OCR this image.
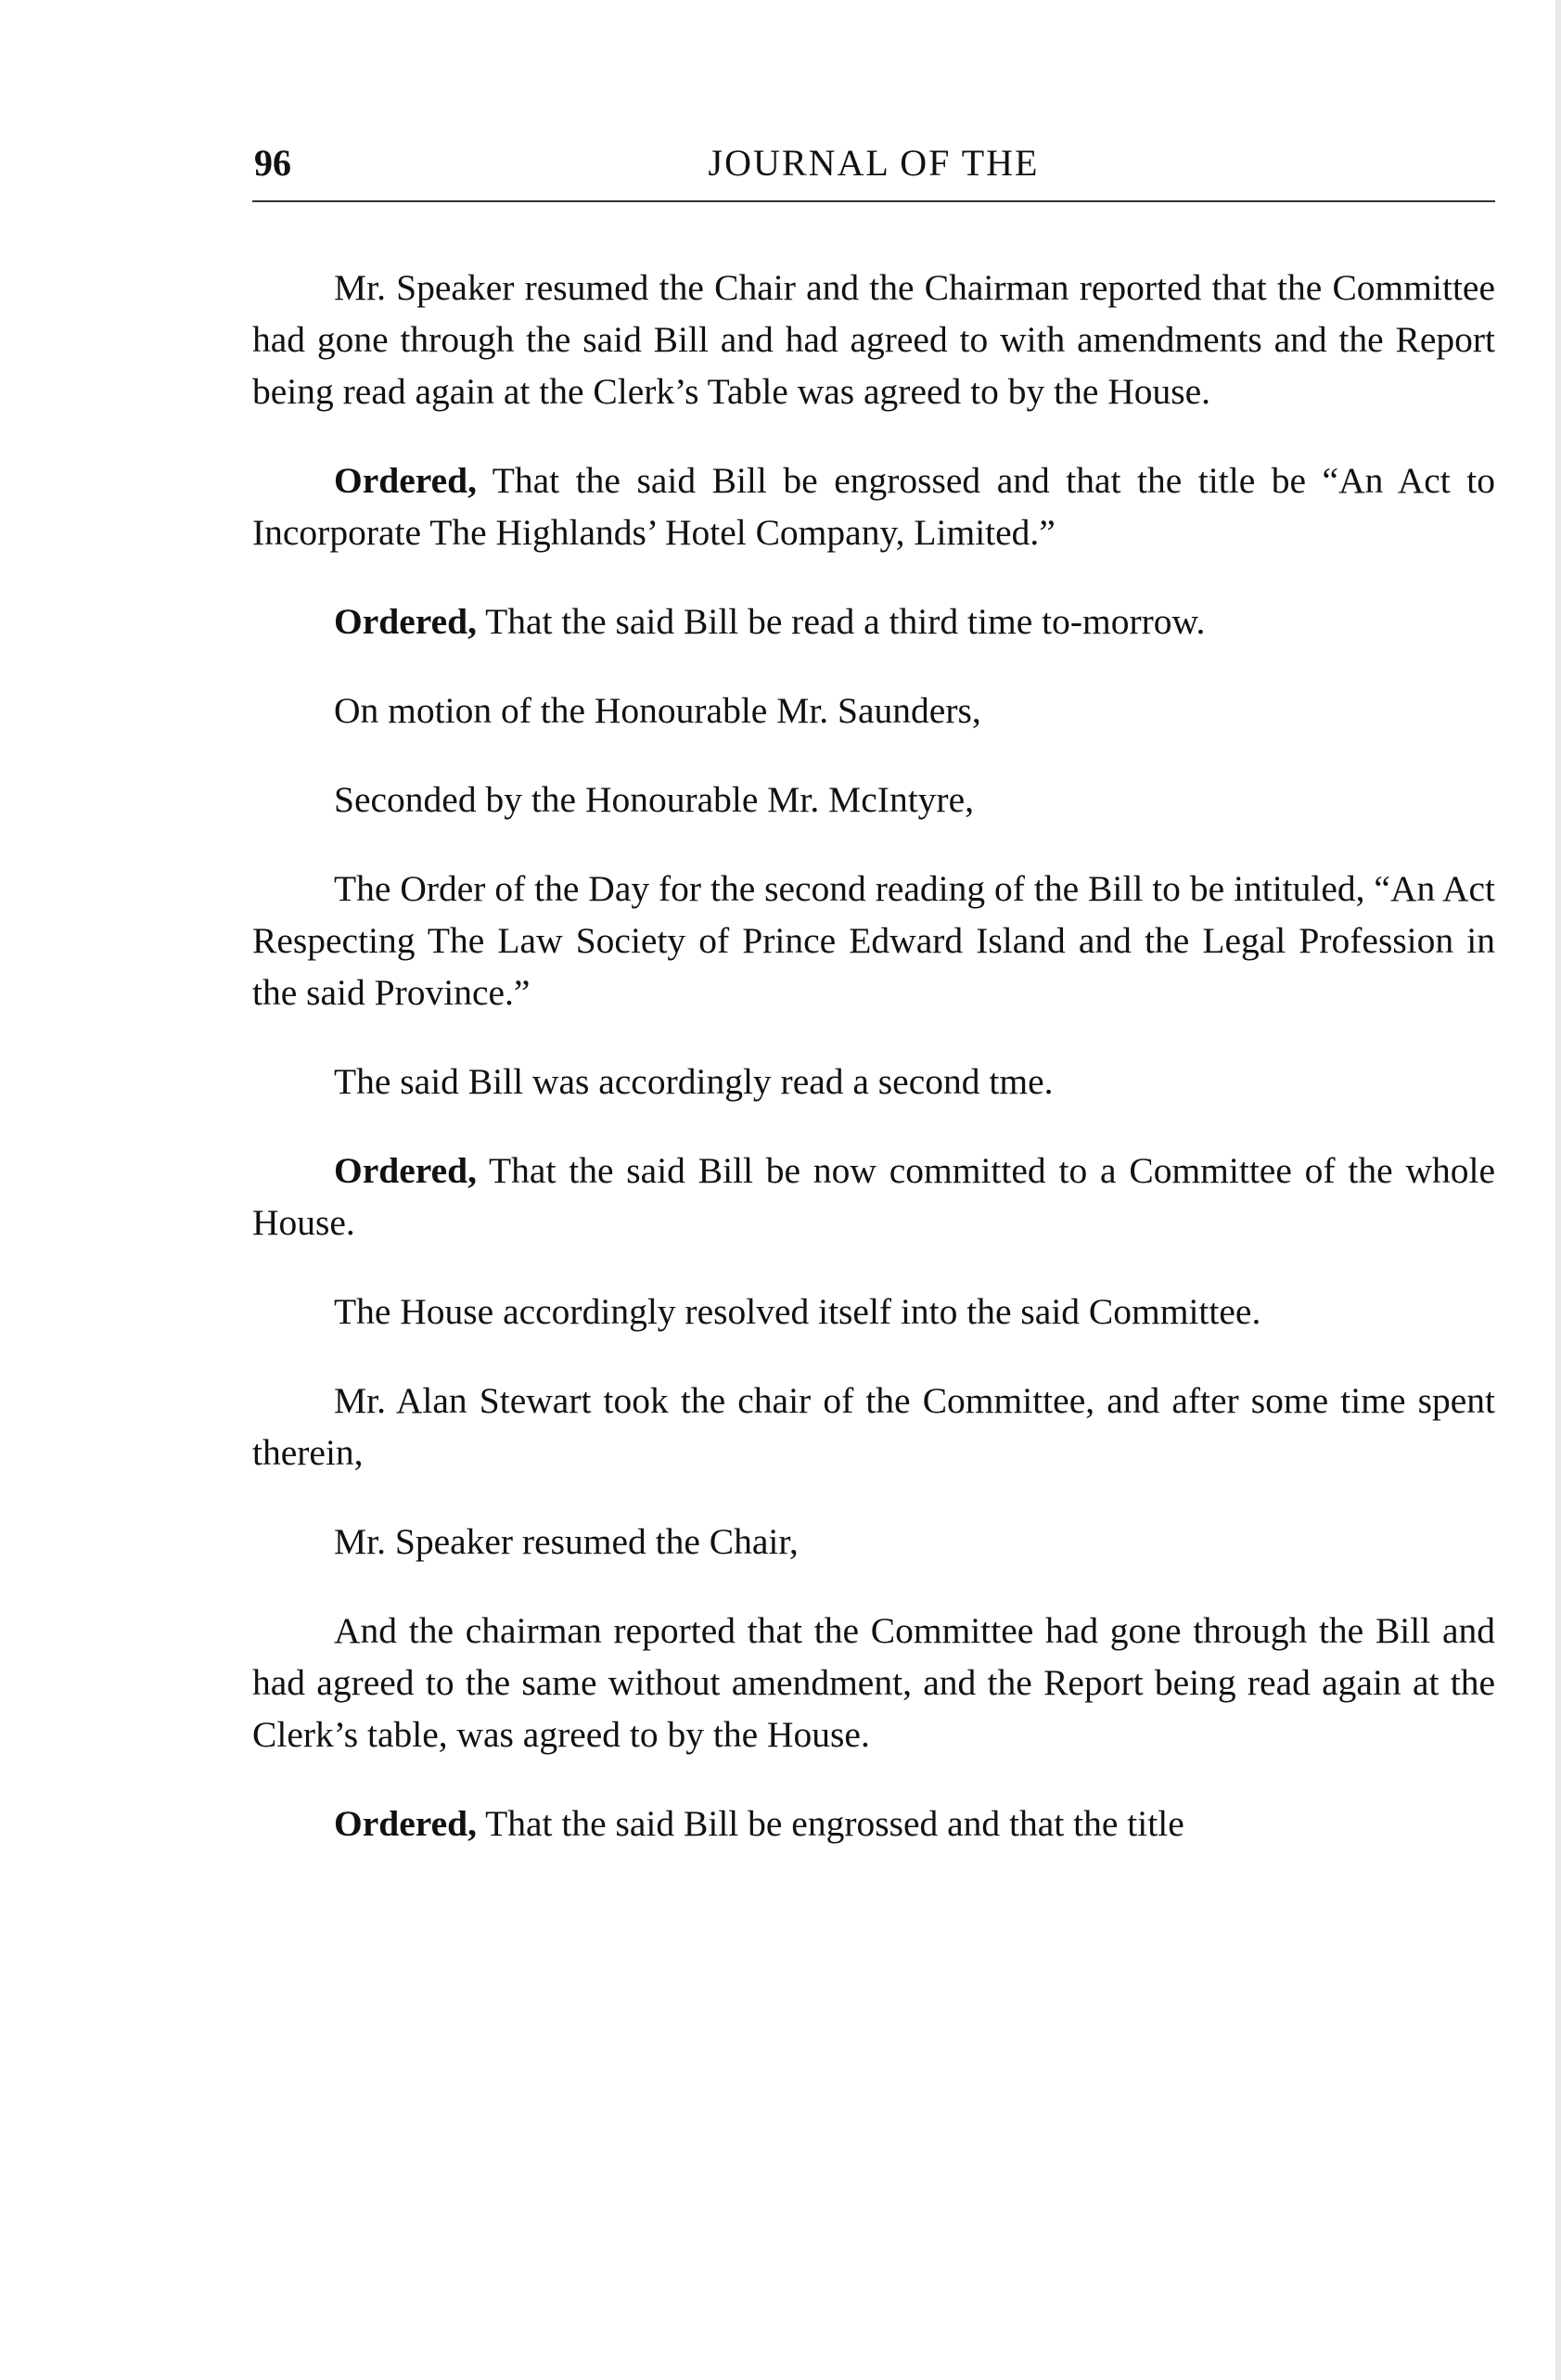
96	JOURNAL OF THE

Mr. Speaker resumed the Chair and the Chairman reported that the Committee had gone through the said Bill and had agreed to with amendments and the Report being read again at the Clerk’s Table was agreed to by the House.

Ordered, That the said Bill be engrossed and that the title be “An Act to Incorporate The Highlands’ Hotel Company, Limited.”

Ordered, That the said Bill be read a third time to-morrow.

On motion of the Honourable Mr. Saunders,

Seconded by the Honourable Mr. McIntyre,

The Order of the Day for the second reading of the Bill to be intituled, “An Act Respecting The Law Society of Prince Edward Island and the Legal Profession in the said Province.”

The said Bill was accordingly read a second tme.

Ordered, That the said Bill be now committed to a Committee of the whole House.

The House accordingly resolved itself into the said Committee.

Mr. Alan Stewart took the chair of the Committee, and after some time spent therein,

Mr. Speaker resumed the Chair,

And the chairman reported that the Committee had gone through the Bill and had agreed to the same without amendment, and the Report being read again at the Clerk’s table, was agreed to by the House.

Ordered, That the said Bill be engrossed and that the title
